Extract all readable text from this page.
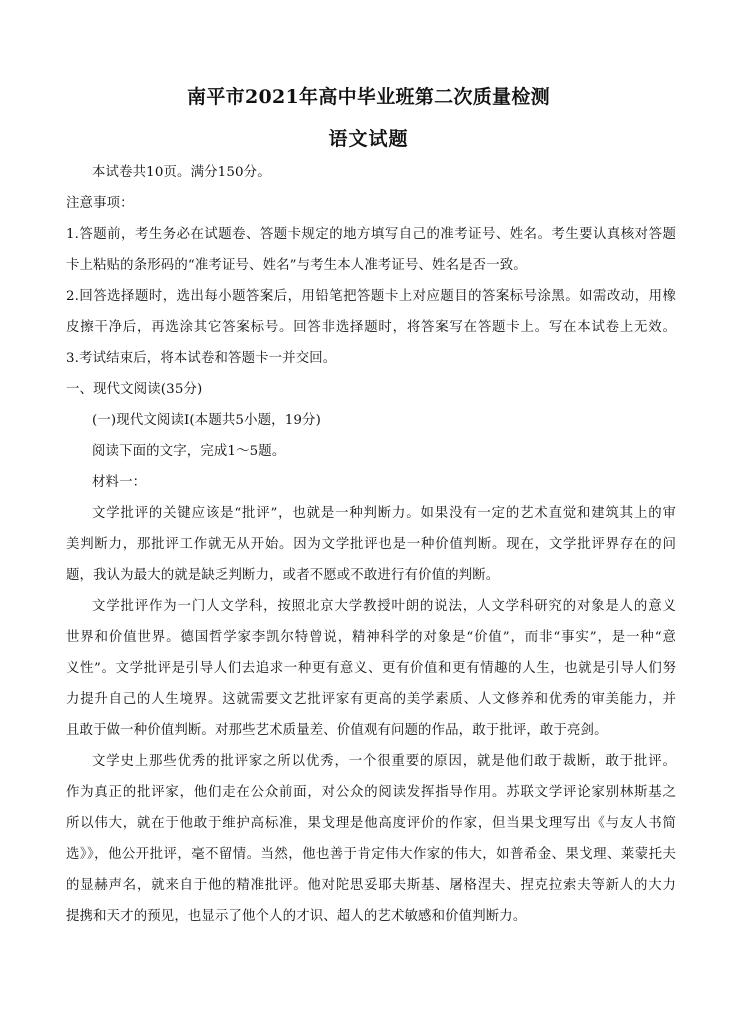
南平市2021年高中毕业班第二次质量检测
语文试题
本试卷共10页。满分150分。
注意事项：
1.答题前，考生务必在试题卷、答题卡规定的地方填写自己的准考证号、姓名。考生要认真核对答题
卡上粘贴的条形码的“准考证号、姓名”与考生本人准考证号、姓名是否一致。
2.回答选择题时，选出每小题答案后，用铅笔把答题卡上对应题目的答案标号涂黑。如需改动，用橡
皮擦干净后，再选涂其它答案标号。回答非选择题时，将答案写在答题卡上。写在本试卷上无效。
3.考试结束后，将本试卷和答题卡一并交回。
一、现代文阅读(35分)
(一)现代文阅读I(本题共5小题，19分)
阅读下面的文字，完成1～5题。
材料一：
文学批评的关键应该是“批评”，也就是一种判断力。如果没有一定的艺术直觉和建筑其上的审
美判断力，那批评工作就无从开始。因为文学批评也是一种价值判断。现在，文学批评界存在的问
题，我认为最大的就是缺乏判断力，或者不愿或不敢进行有价值的判断。
文学批评作为一门人文学科，按照北京大学教授叶朗的说法，人文学科研究的对象是人的意义
世界和价值世界。德国哲学家李凯尔特曾说，精神科学的对象是“价值”，而非“事实”，是一种“意
义性”。文学批评是引导人们去追求一种更有意义、更有价值和更有情趣的人生，也就是引导人们努
力提升自己的人生境界。这就需要文艺批评家有更高的美学素质、人文修养和优秀的审美能力，并
且敢于做一种价值判断。对那些艺术质量差、价值观有问题的作品，敢于批评，敢于亮剑。
文学史上那些优秀的批评家之所以优秀，一个很重要的原因，就是他们敢于裁断，敢于批评。
作为真正的批评家，他们走在公众前面，对公众的阅读发挥指导作用。苏联文学评论家别林斯基之
所以伟大，就在于他敢于维护高标准，果戈理是他高度评价的作家，但当果戈理写出《与友人书简
选》》，他公开批评，毫不留情。当然，他也善于肯定伟大作家的伟大，如普希金、果戈理、莱蒙托夫
的显赫声名，就来自于他的精准批评。他对陀思妥耶夫斯基、屠格涅夫、捏克拉索夫等新人的大力
提携和天才的预见，也显示了他个人的才识、超人的艺术敏感和价值判断力。
